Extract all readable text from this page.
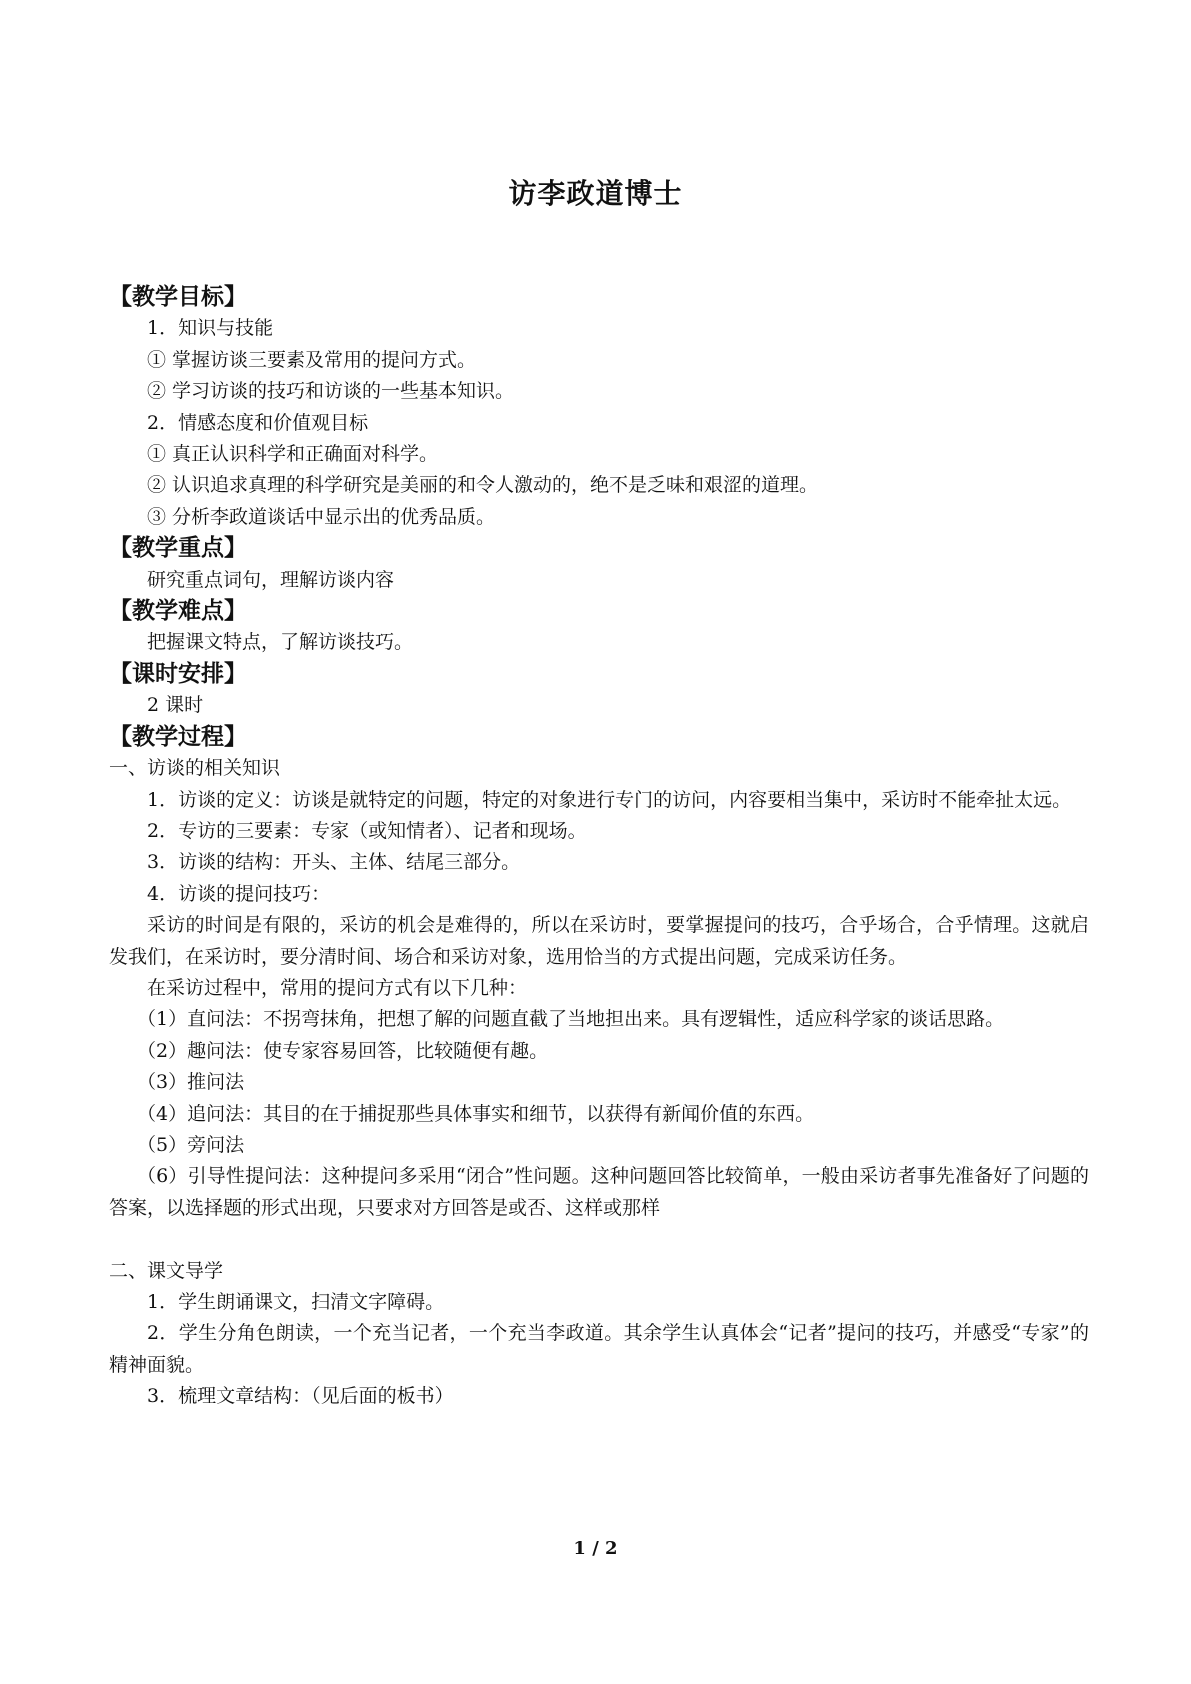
访李政道博士
【教学目标】
1．知识与技能
① 掌握访谈三要素及常用的提问方式。
② 学习访谈的技巧和访谈的一些基本知识。
2．情感态度和价值观目标
① 真正认识科学和正确面对科学。
② 认识追求真理的科学研究是美丽的和令人激动的，绝不是乏味和艰涩的道理。
③ 分析李政道谈话中显示出的优秀品质。
【教学重点】
研究重点词句，理解访谈内容
【教学难点】
把握课文特点，了解访谈技巧。
【课时安排】
2 课时
【教学过程】
一、访谈的相关知识
1．访谈的定义：访谈是就特定的问题，特定的对象进行专门的访问，内容要相当集中，采访时不能牵扯太远。
2．专访的三要素：专家（或知情者）、记者和现场。
3．访谈的结构：开头、主体、结尾三部分。
4．访谈的提问技巧：
采访的时间是有限的，采访的机会是难得的，所以在采访时，要掌握提问的技巧，合乎场合，合乎情理。这就启发我们，在采访时，要分清时间、场合和采访对象，选用恰当的方式提出问题，完成采访任务。
在采访过程中，常用的提问方式有以下几种：
（1）直问法：不拐弯抹角，把想了解的问题直截了当地担出来。具有逻辑性，适应科学家的谈话思路。
（2）趣问法：使专家容易回答，比较随便有趣。
（3）推问法
（4）追问法：其目的在于捕捉那些具体事实和细节，以获得有新闻价值的东西。
（5）旁问法
（6）引导性提问法：这种提问多采用“闭合”性问题。这种问题回答比较简单，一般由采访者事先准备好了问题的答案，以选择题的形式出现，只要求对方回答是或否、这样或那样
二、课文导学
1．学生朗诵课文，扫清文字障碍。
2．学生分角色朗读，一个充当记者，一个充当李政道。其余学生认真体会“记者”提问的技巧，并感受“专家”的精神面貌。
3．梳理文章结构：（见后面的板书）
1 / 2
